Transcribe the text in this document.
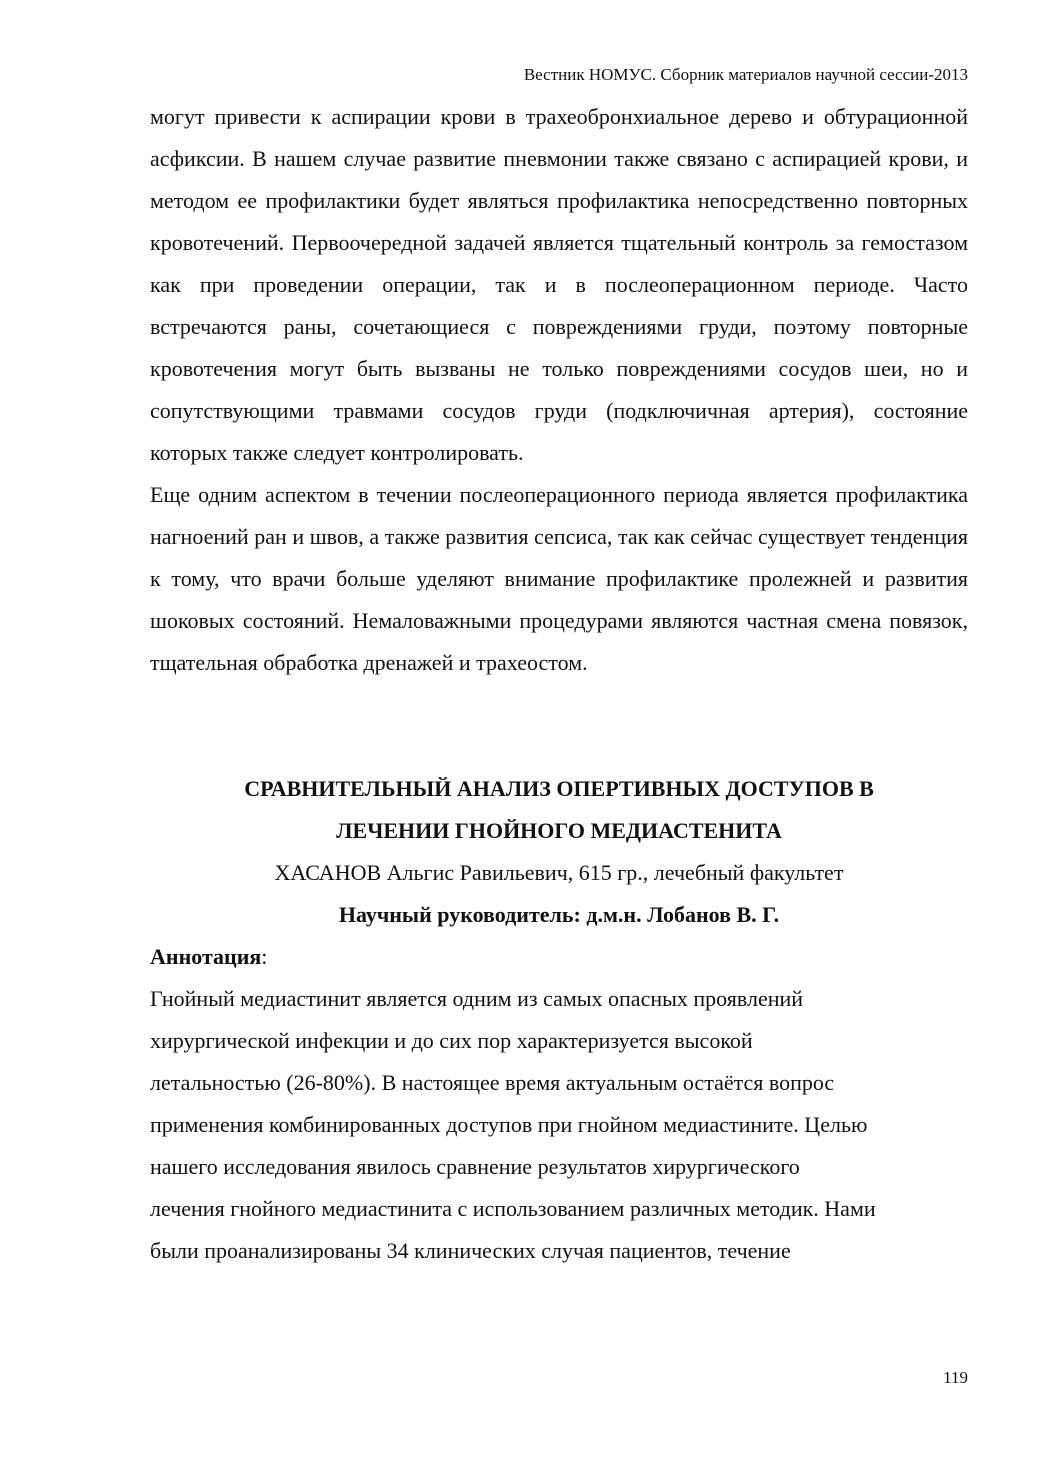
Вестник НОМУС. Сборник материалов научной сессии-2013

могут привести к аспирации крови в трахеобронхиальное дерево и обтурационной асфиксии. В нашем случае развитие пневмонии также связано с аспирацией крови, и методом ее профилактики будет являться профилактика непосредственно повторных кровотечений. Первоочередной задачей является тщательный контроль за гемостазом как при проведении операции, так и в послеоперационном периоде. Часто встречаются раны, сочетающиеся с повреждениями груди, поэтому повторные кровотечения могут быть вызваны не только повреждениями сосудов шеи, но и сопутствующими травмами сосудов груди (подключичная артерия), состояние которых также следует контролировать.

Еще одним аспектом в течении послеоперационного периода является профилактика нагноений ран и швов, а также развития сепсиса, так как сейчас существует тенденция к тому, что врачи больше уделяют внимание профилактике пролежней и развития шоковых состояний. Немаловажными процедурами являются частная смена повязок, тщательная обработка дренажей и трахеостом.

СРАВНИТЕЛЬНЫЙ АНАЛИЗ ОПЕРТИВНЫХ ДОСТУПОВ В
ЛЕЧЕНИИ ГНОЙНОГО МЕДИАСТЕНИТА

ХАСАНОВ Альгис Равильевич, 615 гр., лечебный факультет

Научный руководитель: д.м.н. Лобанов В. Г.

Аннотация:

Гнойный медиастинит является одним из самых опасных проявлений
хирургической инфекции и до сих пор характеризуется высокой
летальностью (26-80%). В настоящее время актуальным остаётся вопрос
применения комбинированных доступов при гнойном медиастините. Целью
нашего исследования явилось сравнение результатов хирургического
лечения гнойного медиастинита с использованием различных методик. Нами
были проанализированы 34 клинических случая пациентов, течение
119
